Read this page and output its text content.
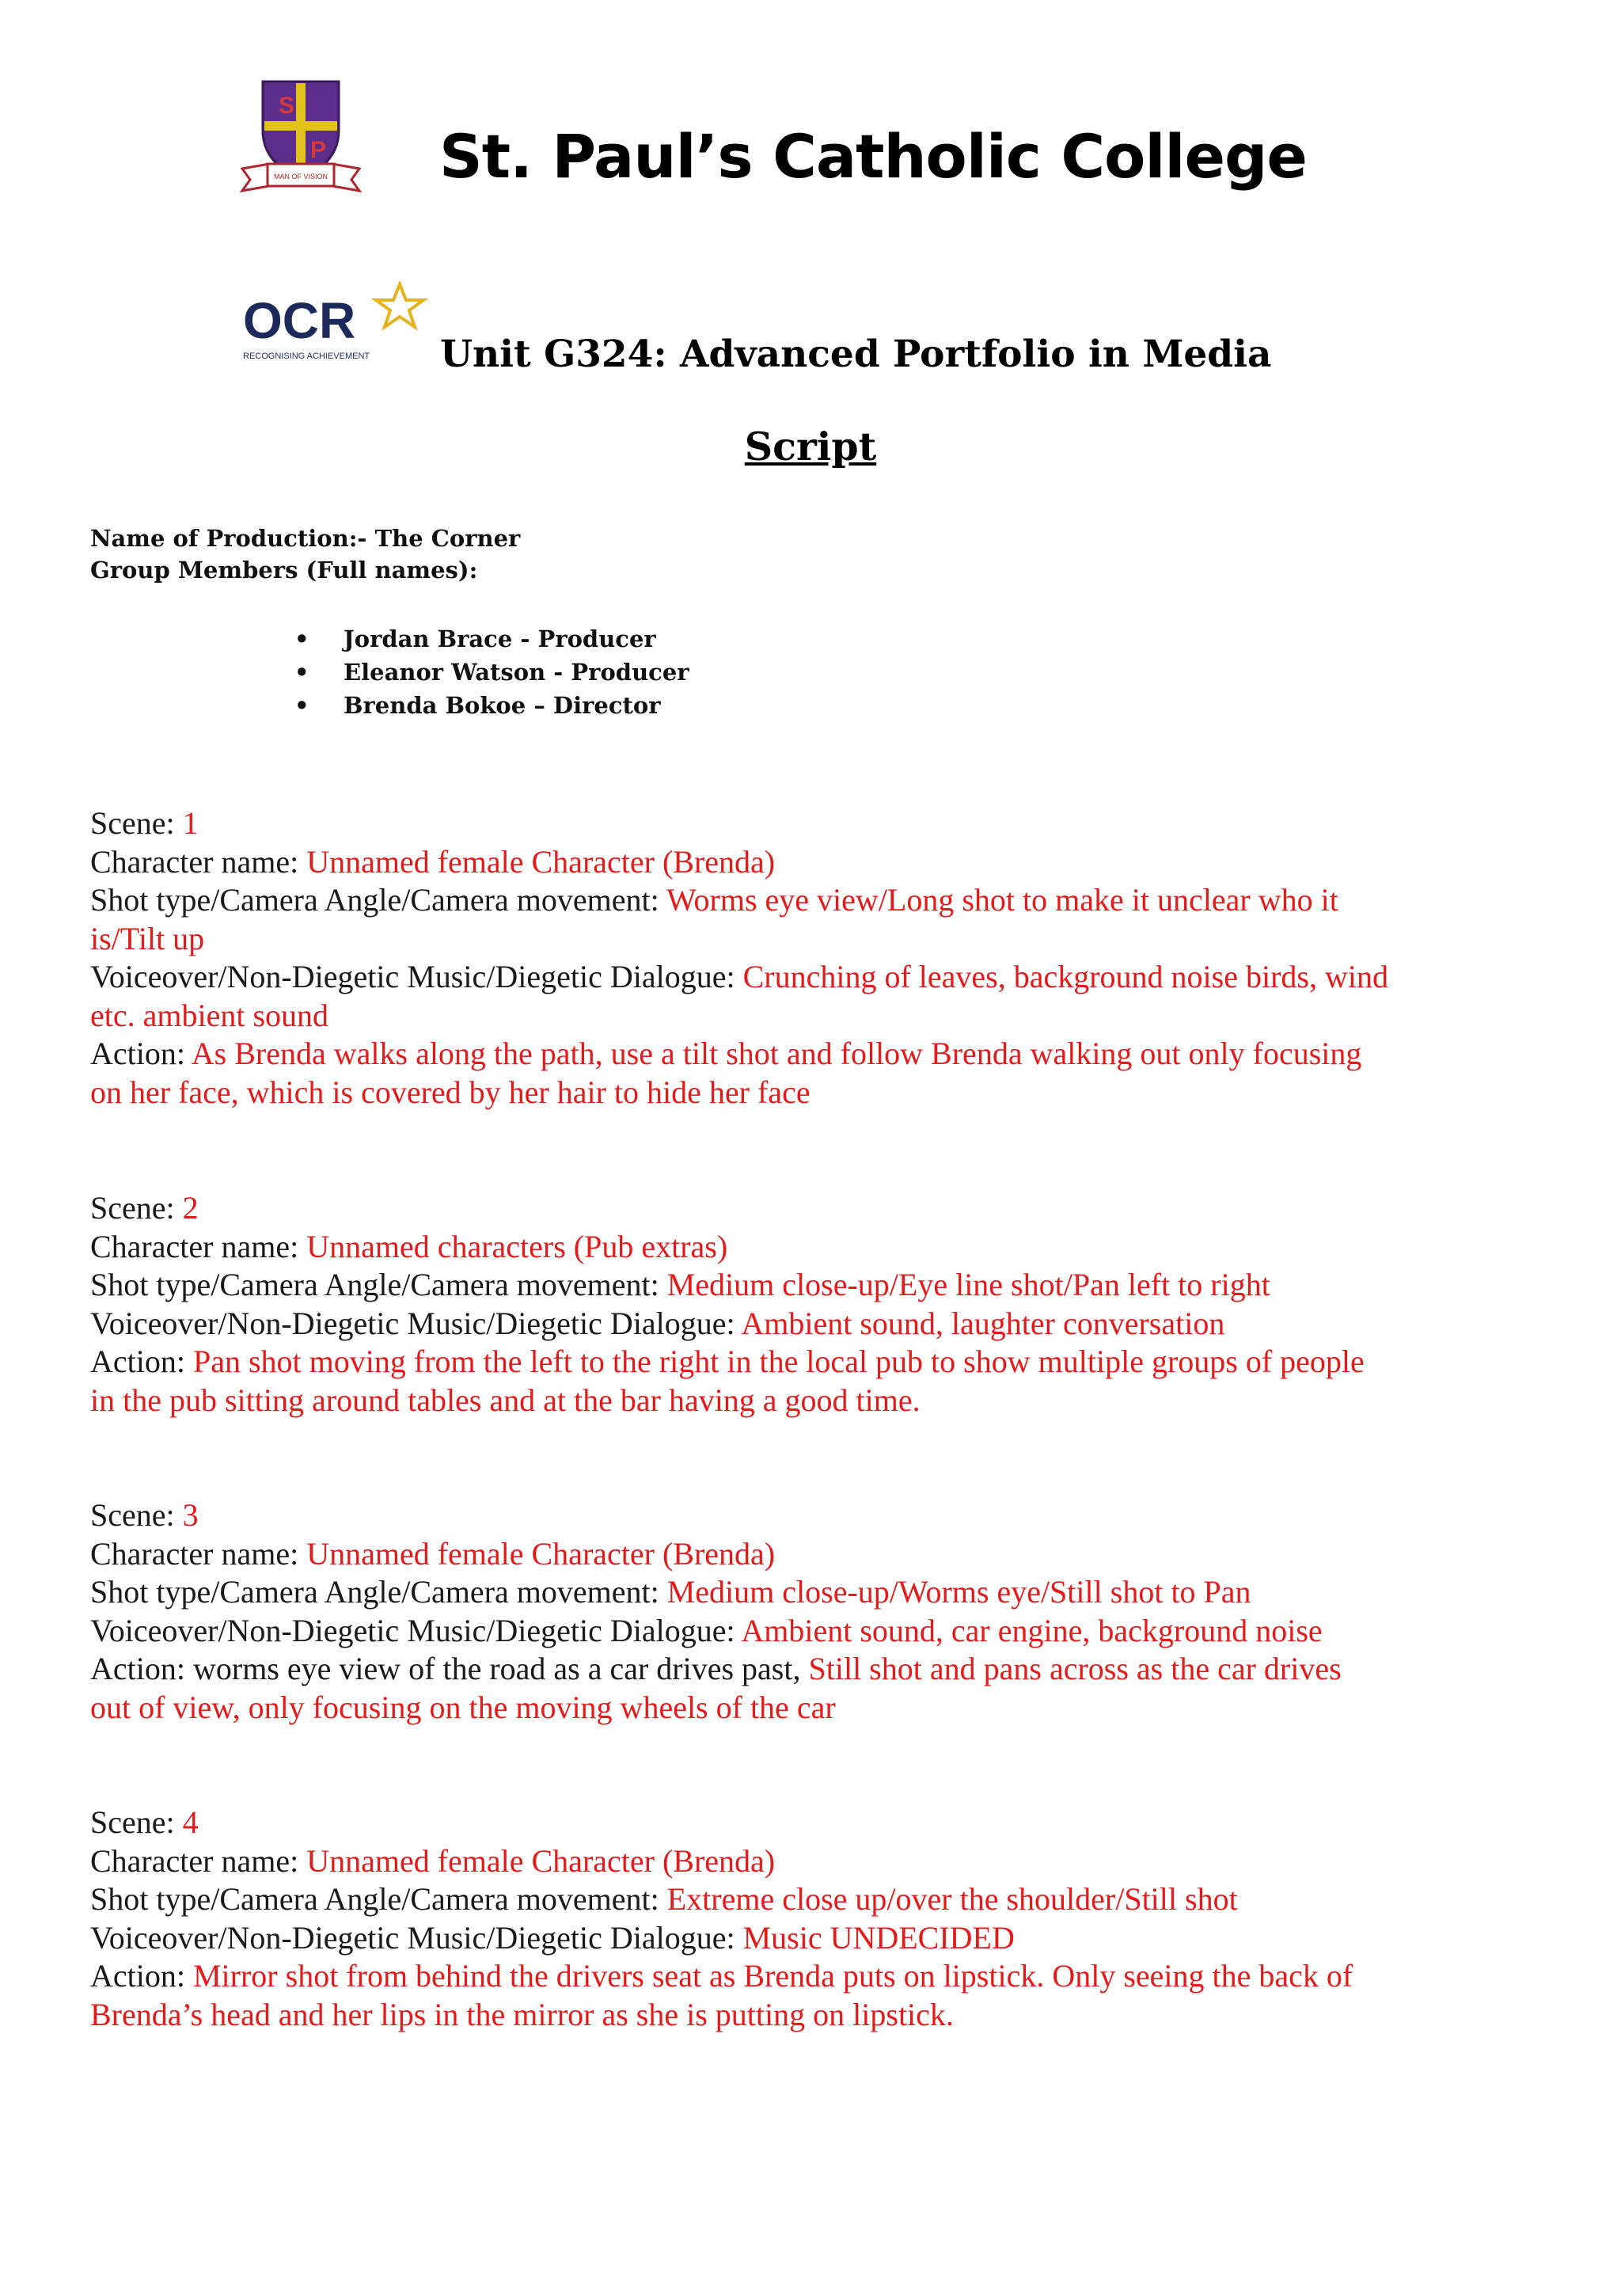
S
P
MAN OF VISION St. Paul’s Catholic College
OCR
RECOGNISING ACHIEVEMENT Unit G324: Advanced Portfolio in Media
Script
Name of Production:- The Corner
Group Members (Full names):
• Jordan Brace - Producer
• Eleanor Watson - Producer
• Brenda Bokoe – Director
Scene: 1
Character name: Unnamed female Character (Brenda)
Shot type/Camera Angle/Camera movement: Worms eye view/Long shot to make it unclear who it
is/Tilt up
Voiceover/Non-Diegetic Music/Diegetic Dialogue: Crunching of leaves, background noise birds, wind
etc. ambient sound
Action: As Brenda walks along the path, use a tilt shot and follow Brenda walking out only focusing
on her face, which is covered by her hair to hide her face
Scene: 2
Character name: Unnamed characters (Pub extras)
Shot type/Camera Angle/Camera movement: Medium close-up/Eye line shot/Pan left to right
Voiceover/Non-Diegetic Music/Diegetic Dialogue: Ambient sound, laughter conversation
Action: Pan shot moving from the left to the right in the local pub to show multiple groups of people
in the pub sitting around tables and at the bar having a good time.
Scene: 3
Character name: Unnamed female Character (Brenda)
Shot type/Camera Angle/Camera movement: Medium close-up/Worms eye/Still shot to Pan
Voiceover/Non-Diegetic Music/Diegetic Dialogue: Ambient sound, car engine, background noise
Action: worms eye view of the road as a car drives past, Still shot and pans across as the car drives
out of view, only focusing on the moving wheels of the car
Scene: 4
Character name: Unnamed female Character (Brenda)
Shot type/Camera Angle/Camera movement: Extreme close up/over the shoulder/Still shot
Voiceover/Non-Diegetic Music/Diegetic Dialogue: Music UNDECIDED
Action: Mirror shot from behind the drivers seat as Brenda puts on lipstick. Only seeing the back of
Brenda’s head and her lips in the mirror as she is putting on lipstick.
